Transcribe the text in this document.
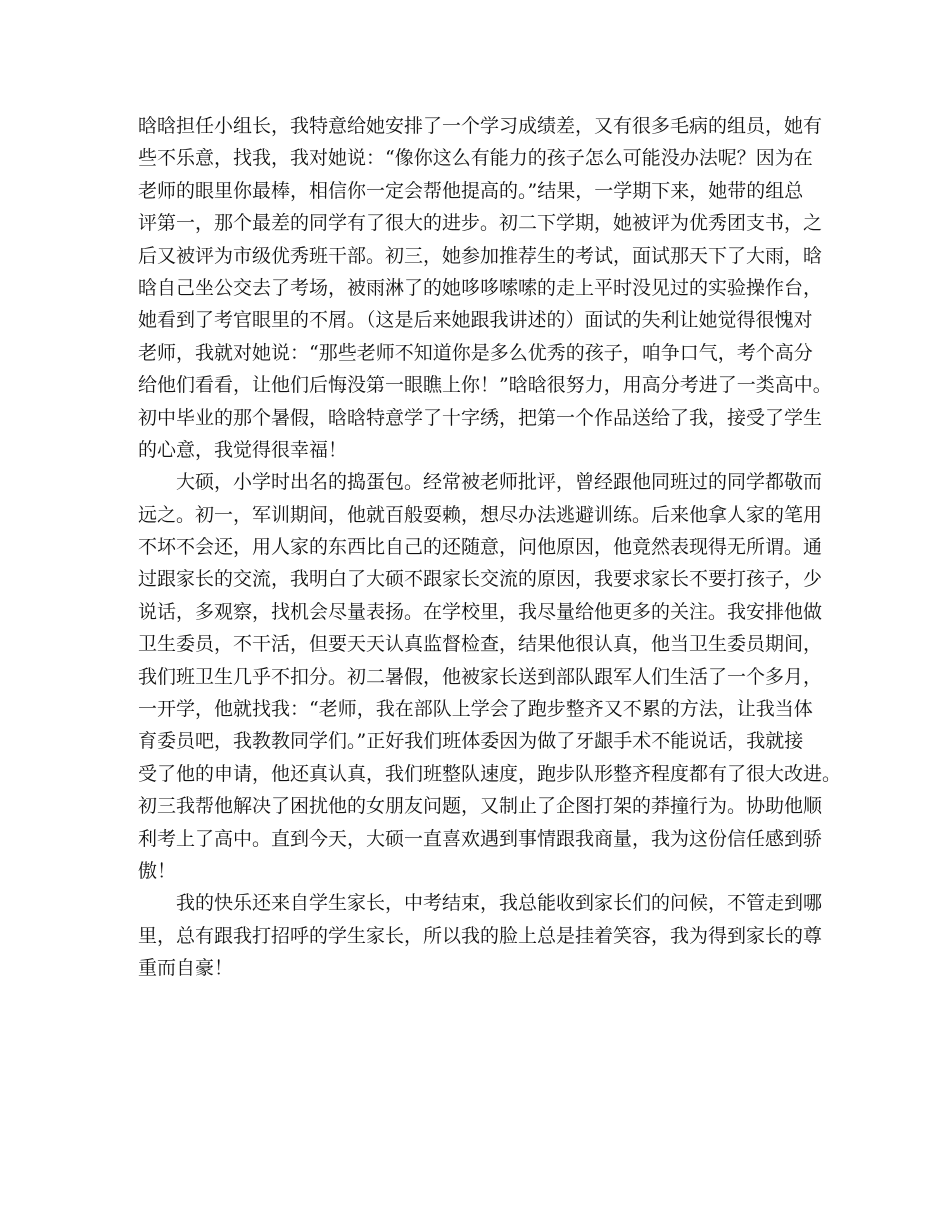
晗晗担任小组长，我特意给她安排了一个学习成绩差，又有很多毛病的组员，她有
些不乐意，找我，我对她说：“像你这么有能力的孩子怎么可能没办法呢？因为在
老师的眼里你最棒，相信你一定会帮他提高的。”结果，一学期下来，她带的组总
评第一，那个最差的同学有了很大的进步。初二下学期，她被评为优秀团支书，之
后又被评为市级优秀班干部。初三，她参加推荐生的考试，面试那天下了大雨，晗
晗自己坐公交去了考场，被雨淋了的她哆哆嗦嗦的走上平时没见过的实验操作台，
她看到了考官眼里的不屑。（这是后来她跟我讲述的）面试的失利让她觉得很愧对
老师，我就对她说：“那些老师不知道你是多么优秀的孩子，咱争口气，考个高分
给他们看看，让他们后悔没第一眼瞧上你！”晗晗很努力，用高分考进了一类高中。
初中毕业的那个暑假，晗晗特意学了十字绣，把第一个作品送给了我，接受了学生
的心意，我觉得很幸福！
大硕，小学时出名的捣蛋包。经常被老师批评，曾经跟他同班过的同学都敬而
远之。初一，军训期间，他就百般耍赖，想尽办法逃避训练。后来他拿人家的笔用
不坏不会还，用人家的东西比自己的还随意，问他原因，他竟然表现得无所谓。通
过跟家长的交流，我明白了大硕不跟家长交流的原因，我要求家长不要打孩子，少
说话，多观察，找机会尽量表扬。在学校里，我尽量给他更多的关注。我安排他做
卫生委员，不干活，但要天天认真监督检查，结果他很认真，他当卫生委员期间，
我们班卫生几乎不扣分。初二暑假，他被家长送到部队跟军人们生活了一个多月，
一开学，他就找我：“老师，我在部队上学会了跑步整齐又不累的方法，让我当体
育委员吧，我教教同学们。”正好我们班体委因为做了牙龈手术不能说话，我就接
受了他的申请，他还真认真，我们班整队速度，跑步队形整齐程度都有了很大改进。
初三我帮他解决了困扰他的女朋友问题，又制止了企图打架的莽撞行为。协助他顺
利考上了高中。直到今天，大硕一直喜欢遇到事情跟我商量，我为这份信任感到骄
傲！
我的快乐还来自学生家长，中考结束，我总能收到家长们的问候，不管走到哪
里，总有跟我打招呼的学生家长，所以我的脸上总是挂着笑容，我为得到家长的尊
重而自豪！
